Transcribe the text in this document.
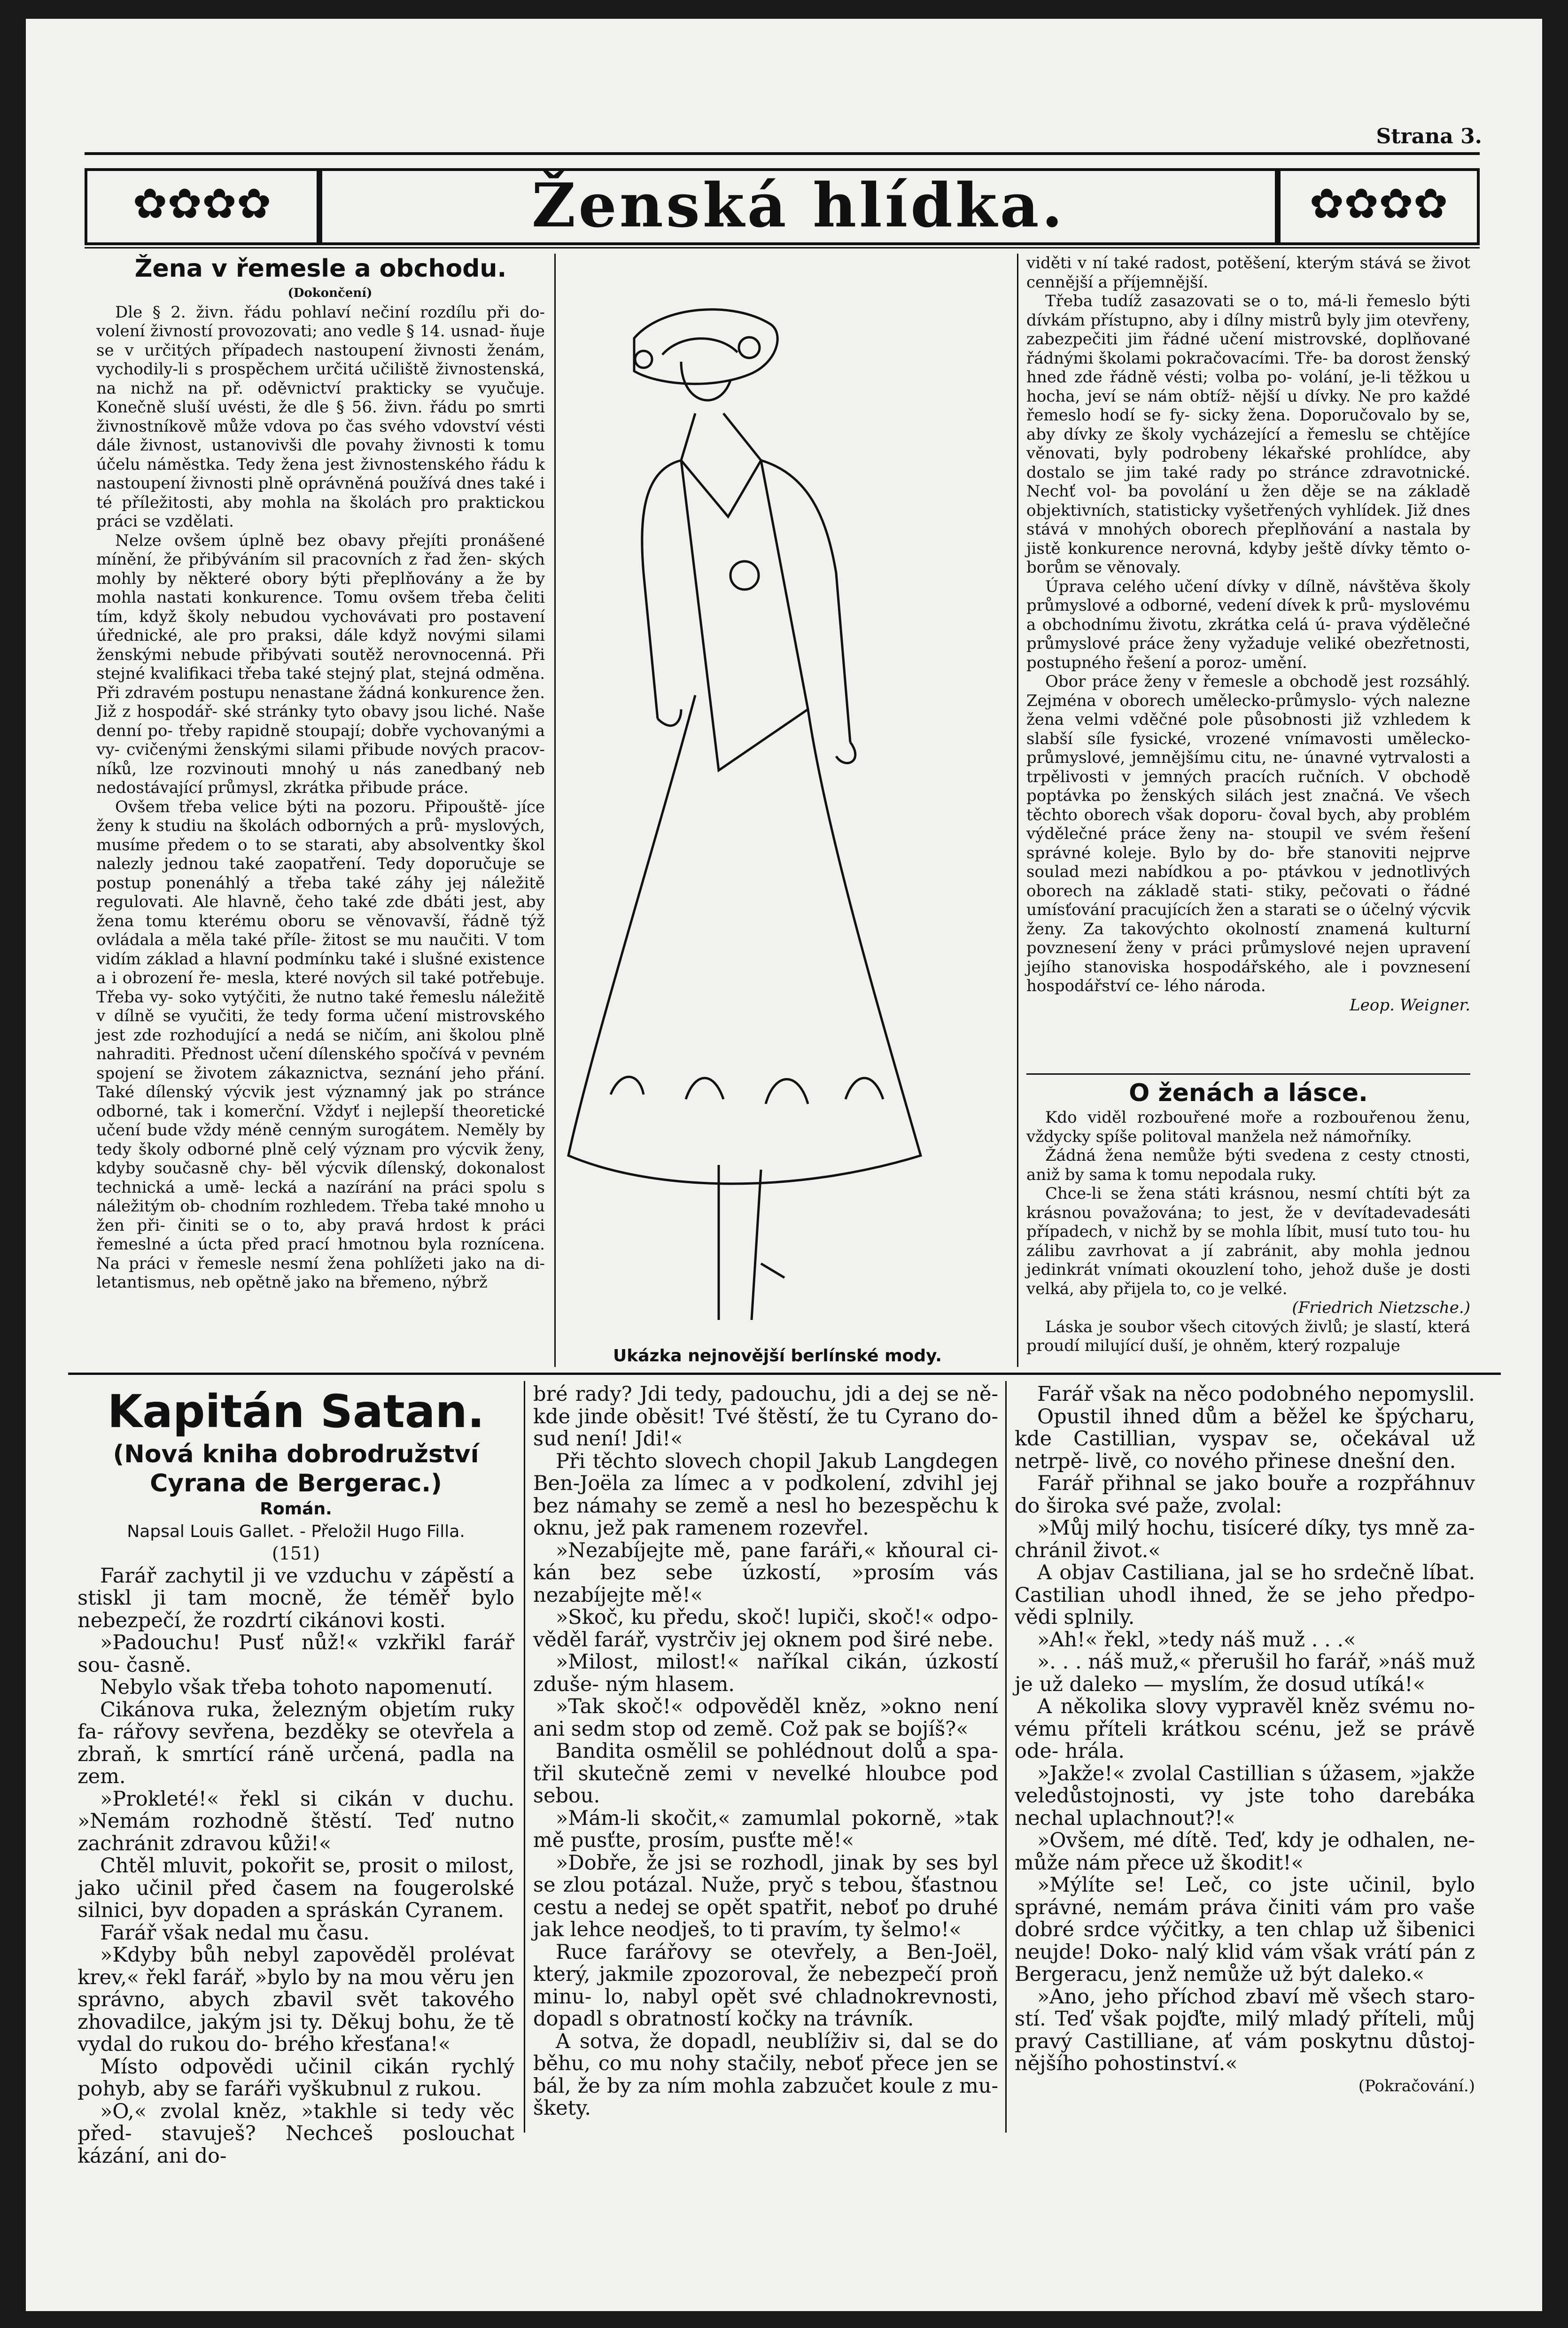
Strana 3.
✿✿✿✿	Ženská hlídka.	✿✿✿✿
Žena v řemesle a obchodu.

(Dokončení)

Dle § 2. živn. řádu pohlaví nečiní rozdílu při do- volení živností provozovati; ano vedle § 14. usnad- ňuje se v určitých případech nastoupení živnosti ženám, vychodily-li s prospěchem určitá učiliště živnostenská, na nichž na př. oděvnictví prakticky se vyučuje. Konečně sluší uvésti, že dle § 56. živn. řádu po smrti živnostníkově může vdova po čas svého vdovství vésti dále živnost, ustanovivši dle povahy živnosti k tomu účelu náměstka. Tedy žena jest živnostenského řádu k nastoupení živnosti plně oprávněná používá dnes také i té příležitosti, aby mohla na školách pro praktickou práci se vzdělati.

Nelze ovšem úplně bez obavy přejíti pronášené mínění, že přibýváním sil pracovních z řad žen- ských mohly by některé obory býti přeplňovány a že by mohla nastati konkurence. Tomu ovšem třeba čeliti tím, když školy nebudou vychovávati pro postavení úřednické, ale pro praksi, dále když novými silami ženskými nebude přibývati soutěž nerovnocenná. Při stejné kvalifikaci třeba také stejný plat, stejná odměna. Při zdravém postupu nenastane žádná konkurence žen. Již z hospodář- ské stránky tyto obavy jsou liché. Naše denní po- třeby rapidně stoupají; dobře vychovanými a vy- cvičenými ženskými silami přibude nových pracov- níků, lze rozvinouti mnohý u nás zanedbaný neb nedostávající průmysl, zkrátka přibude práce.

Ovšem třeba velice býti na pozoru. Připouště- jíce ženy k studiu na školách odborných a prů- myslových, musíme předem o to se starati, aby absolventky škol nalezly jednou také zaopatření. Tedy doporučuje se postup ponenáhlý a třeba také záhy jej náležitě regulovati. Ale hlavně, čeho také zde dbáti jest, aby žena tomu kterému oboru se věnovavší, řádně týž ovládala a měla také příle- žitost se mu naučiti. V tom vidím základ a hlavní podmínku také i slušné existence a i obrození ře- mesla, které nových sil také potřebuje. Třeba vy- soko vytýčiti, že nutno také řemeslu náležitě v dílně se vyučiti, že tedy forma učení mistrovského jest zde rozhodující a nedá se ničím, ani školou plně nahraditi. Přednost učení dílenského spočívá v pevném spojení se životem zákaznictva, seznání jeho přání. Také dílenský výcvik jest významný jak po stránce odborné, tak i komerční. Vždyť i nejlepší theoretické učení bude vždy méně cenným surogátem. Neměly by tedy školy odborné plně celý význam pro výcvik ženy, kdyby současně chy- běl výcvik dílenský, dokonalost technická a umě- lecká a nazírání na práci spolu s náležitým ob- chodním rozhledem. Třeba také mnoho u žen při- činiti se o to, aby pravá hrdost k práci řemeslné a úcta před prací hmotnou byla roznícena. Na práci v řemesle nesmí žena pohlížeti jako na di- letantismus, neb opětně jako na břemeno, nýbrž

Ukázka nejnovější berlínské mody.

viděti v ní také radost, potěšení, kterým stává se život cennější a příjemnější.

Třeba tudíž zasazovati se o to, má-li řemeslo býti dívkám přístupno, aby i dílny mistrů byly jim otevřeny, zabezpečiti jim řádné učení mistrovské, doplňované řádnými školami pokračovacími. Tře- ba dorost ženský hned zde řádně vésti; volba po- volání, je-li těžkou u hocha, jeví se nám obtíž- nější u dívky. Ne pro každé řemeslo hodí se fy- sicky žena. Doporučovalo by se, aby dívky ze školy vycházející a řemeslu se chtějíce věnovati, byly podrobeny lékařské prohlídce, aby dostalo se jim také rady po stránce zdravotnické. Nechť vol- ba povolání u žen děje se na základě objektivních, statisticky vyšetřených vyhlídek. Již dnes stává v mnohých oborech přeplňování a nastala by jistě konkurence nerovná, kdyby ještě dívky těmto o- borům se věnovaly.

Úprava celého učení dívky v dílně, návštěva školy průmyslové a odborné, vedení dívek k prů- myslovému a obchodnímu životu, zkrátka celá ú- prava výdělečné průmyslové práce ženy vyžaduje veliké obezřetnosti, postupného řešení a poroz- umění.

Obor práce ženy v řemesle a obchodě jest rozsáhlý. Zejména v oborech umělecko-průmyslo- vých nalezne žena velmi vděčné pole působnosti již vzhledem k slabší síle fysické, vrozené vnímavosti umělecko-průmyslové, jemnějšímu citu, ne- únavné vytrvalosti a trpělivosti v jemných pracích ručních. V obchodě poptávka po ženských silách jest značná. Ve všech těchto oborech však doporu- čoval bych, aby problém výdělečné práce ženy na- stoupil ve svém řešení správné koleje. Bylo by do- bře stanoviti nejprve soulad mezi nabídkou a po- ptávkou v jednotlivých oborech na základě stati- stiky, pečovati o řádné umísťování pracujících žen a starati se o účelný výcvik ženy. Za takovýchto okolností znamená kulturní povznesení ženy v práci průmyslové nejen upravení jejího stanoviska hospodářského, ale i povznesení hospodářství ce- lého národa.

Leop. Weigner.

O ženách a lásce.

Kdo viděl rozbouřené moře a rozbouřenou ženu, vždycky spíše politoval manžela než námořníky.

Žádná žena nemůže býti svedena z cesty ctnosti, aniž by sama k tomu nepodala ruky.

Chce-li se žena státi krásnou, nesmí chtíti být za krásnou považována; to jest, že v devítadevadesáti případech, v nichž by se mohla líbit, musí tuto tou- hu zálibu zavrhovat a jí zabránit, aby mohla jednou jedinkrát vnímati okouzlení toho, jehož duše je dosti velká, aby přijela to, co je velké.

(Friedrich Nietzsche.)

Láska je soubor všech citových živlů; je slastí, která proudí milující duší, je ohněm, který rozpaluje

Kapitán Satan.

(Nová kniha dobrodružství Cyrana de Bergerac.)

Román.

Napsal Louis Gallet. - Přeložil Hugo Filla.

(151)

Farář zachytil ji ve vzduchu v zápěstí a stiskl ji tam mocně, že téměř bylo nebezpečí, že rozdrtí cikánovi kosti.

»Padouchu! Pusť nůž!« vzkřikl farář sou- časně.

Nebylo však třeba tohoto napomenutí.

Cikánova ruka, železným objetím ruky fa- rářovy sevřena, bezděky se otevřela a zbraň, k smrtící ráně určená, padla na zem.

»Prokleté!« řekl si cikán v duchu. »Nemám rozhodně štěstí. Teď nutno zachránit zdravou kůži!«

Chtěl mluvit, pokořit se, prosit o milost, jako učinil před časem na fougerolské silnici, byv dopaden a spráskán Cyranem.

Farář však nedal mu času.

»Kdyby bůh nebyl zapověděl prolévat krev,« řekl farář, »bylo by na mou věru jen správno, abych zbavil svět takového zhovadilce, jakým jsi ty. Děkuj bohu, že tě vydal do rukou do- brého křesťana!«

Místo odpovědi učinil cikán rychlý pohyb, aby se faráři vyškubnul z rukou.

»O,« zvolal kněz, »takhle si tedy věc před- stavuješ? Nechceš poslouchat kázání, ani do-

bré rady? Jdi tedy, padouchu, jdi a dej se ně- kde jinde oběsit! Tvé štěstí, že tu Cyrano do- sud není! Jdi!«

Při těchto slovech chopil Jakub Langdegen Ben-Joëla za límec a v podkolení, zdvihl jej bez námahy se země a nesl ho bezespěchu k oknu, jež pak ramenem rozevřel.

»Nezabíjejte mě, pane faráři,« kňoural ci- kán bez sebe úzkostí, »prosím vás nezabíjejte mě!«

»Skoč, ku předu, skoč! lupiči, skoč!« odpo- věděl farář, vystrčiv jej oknem pod širé nebe.

»Milost, milost!« naříkal cikán, úzkostí zduše- ným hlasem.

»Tak skoč!« odpověděl kněz, »okno není ani sedm stop od země. Což pak se bojíš?«

Bandita osmělil se pohlédnout dolů a spa- třil skutečně zemi v nevelké hloubce pod sebou.

»Mám-li skočit,« zamumlal pokorně, »tak mě pusťte, prosím, pusťte mě!«

»Dobře, že jsi se rozhodl, jinak by ses byl se zlou potázal. Nuže, pryč s tebou, šťastnou cestu a nedej se opět spatřit, neboť po druhé jak lehce neodješ, to ti pravím, ty šelmo!«

Ruce farářovy se otevřely, a Ben-Joël, který, jakmile zpozoroval, že nebezpečí proň minu- lo, nabyl opět své chladnokrevnosti, dopadl s obratností kočky na trávník.

A sotva, že dopadl, neublíživ si, dal se do běhu, co mu nohy stačily, neboť přece jen se bál, že by za ním mohla zabzučet koule z mu- škety.

Farář však na něco podobného nepomyslil.

Opustil ihned dům a běžel ke špýcharu, kde Castillian, vyspav se, očekával už netrpě- livě, co nového přinese dnešní den.

Farář přihnal se jako bouře a rozpřáhnuv do široka své paže, zvolal:

»Můj milý hochu, tisíceré díky, tys mně za- chránil život.«

A objav Castiliana, jal se ho srdečně líbat. Castilian uhodl ihned, že se jeho předpo- vědi splnily.

»Ah!« řekl, »tedy náš muž . . .«

». . . náš muž,« přerušil ho farář, »náš muž je už daleko — myslím, že dosud utíká!«

A několika slovy vypravěl kněz svému no- vému příteli krátkou scénu, jež se právě ode- hrála.

»Jakže!« zvolal Castillian s úžasem, »jakže veledůstojnosti, vy jste toho darebáka nechal uplachnout?!«

»Ovšem, mé dítě. Teď, kdy je odhalen, ne- může nám přece už škodit!«

»Mýlíte se! Leč, co jste učinil, bylo správné, nemám práva činiti vám pro vaše dobré srdce výčitky, a ten chlap už šibenici neujde! Doko- nalý klid vám však vrátí pán z Bergeracu, jenž nemůže už být daleko.«

»Ano, jeho příchod zbaví mě všech staro- stí. Teď však pojďte, milý mladý příteli, můj pravý Castilliane, ať vám poskytnu důstoj- nějšího pohostinství.«

(Pokračování.)
